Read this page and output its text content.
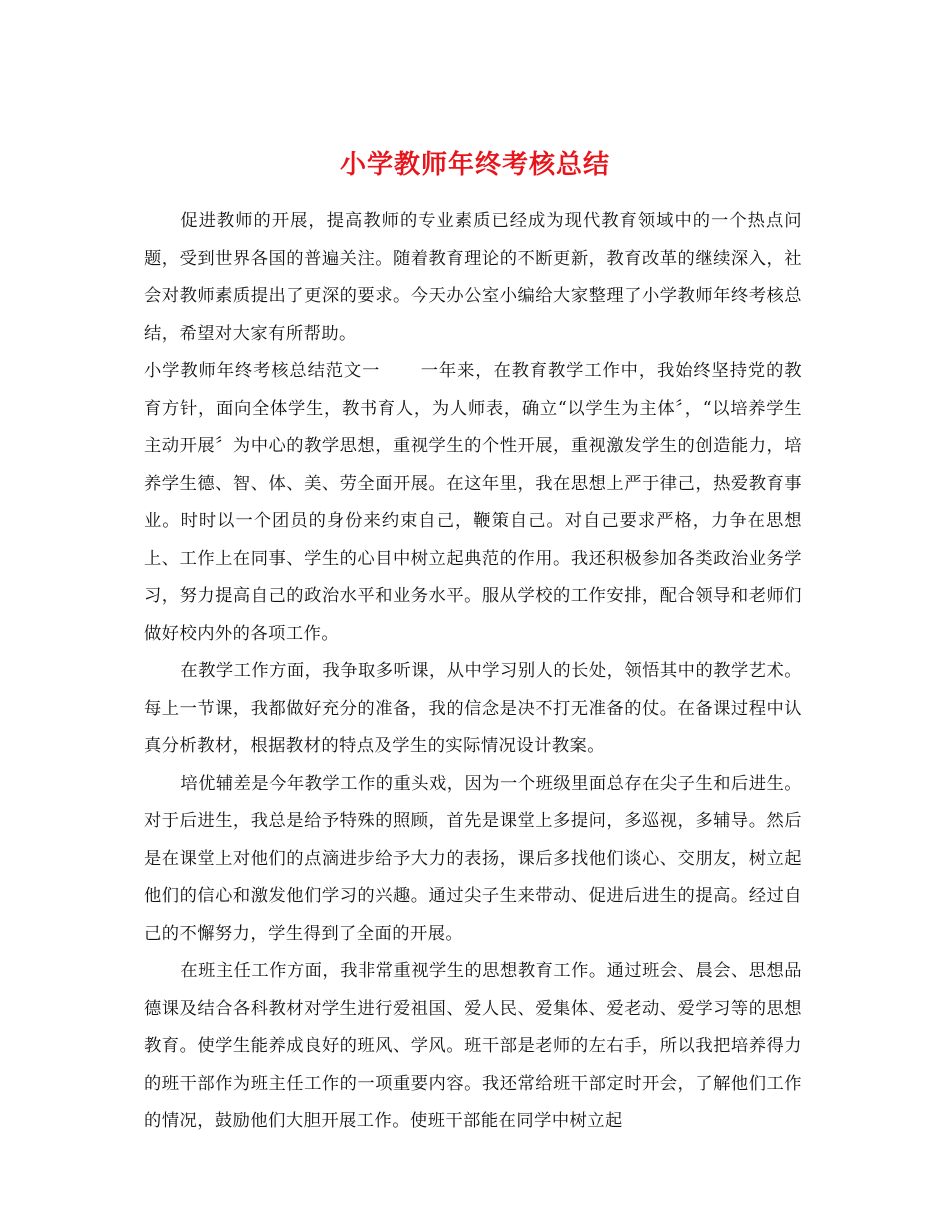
小学教师年终考核总结

促进教师的开展，提高教师的专业素质已经成为现代教育领域中的一个热点问题，受到世界各国的普遍关注。随着教育理论的不断更新，教育改革的继续深入，社会对教师素质提出了更深的要求。今天办公室小编给大家整理了小学教师年终考核总结，希望对大家有所帮助。

小学教师年终考核总结范文一 一年来，在教育教学工作中，我始终坚持党的教育方针，面向全体学生，教书育人，为人师表，确立“以学生为主体〞，“以培养学生主动开展〞为中心的教学思想，重视学生的个性开展，重视激发学生的创造能力，培养学生德、智、体、美、劳全面开展。在这年里，我在思想上严于律己，热爱教育事业。时时以一个团员的身份来约束自己，鞭策自己。对自己要求严格，力争在思想上、工作上在同事、学生的心目中树立起典范的作用。我还积极参加各类政治业务学习，努力提高自己的政治水平和业务水平。服从学校的工作安排，配合领导和老师们做好校内外的各项工作。

在教学工作方面，我争取多听课，从中学习别人的长处，领悟其中的教学艺术。每上一节课，我都做好充分的准备，我的信念是决不打无准备的仗。在备课过程中认真分析教材，根据教材的特点及学生的实际情况设计教案。

培优辅差是今年教学工作的重头戏，因为一个班级里面总存在尖子生和后进生。对于后进生，我总是给予特殊的照顾，首先是课堂上多提问，多巡视，多辅导。然后是在课堂上对他们的点滴进步给予大力的表扬，课后多找他们谈心、交朋友，树立起他们的信心和激发他们学习的兴趣。通过尖子生来带动、促进后进生的提高。经过自己的不懈努力，学生得到了全面的开展。

在班主任工作方面，我非常重视学生的思想教育工作。通过班会、晨会、思想品德课及结合各科教材对学生进行爱祖国、爱人民、爱集体、爱老动、爱学习等的思想教育。使学生能养成良好的班风、学风。班干部是老师的左右手，所以我把培养得力的班干部作为班主任工作的一项重要内容。我还常给班干部定时开会，了解他们工作的情况，鼓励他们大胆开展工作。使班干部能在同学中树立起
